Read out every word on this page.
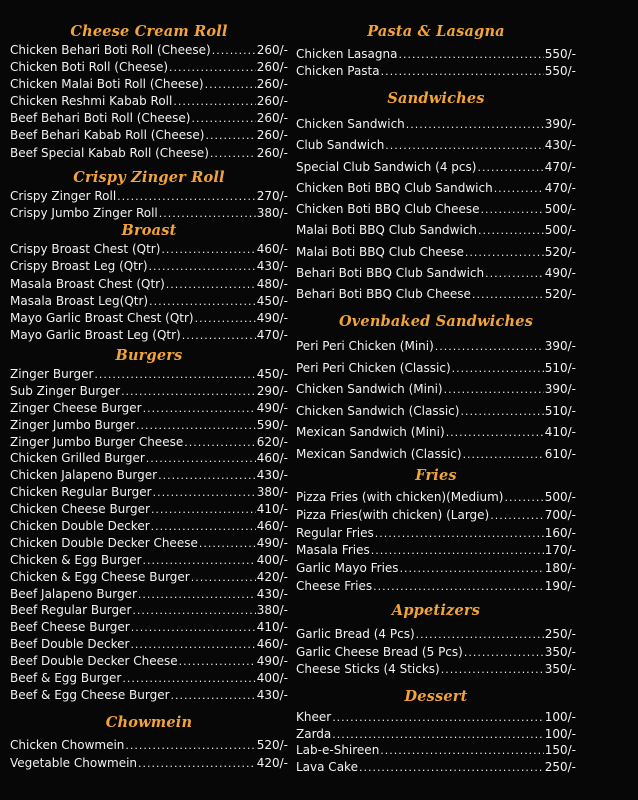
Cheese Cream Roll
Chicken Behari Boti Roll (Cheese) .....	260/-
Chicken Boti Roll (Cheese) .....	260/-
Chicken Malai Boti Roll (Cheese) .....	260/-
Chicken Reshmi Kabab Roll .....	260/-
Beef Behari Boti Roll (Cheese) .....	260/-
Beef Behari Kabab Roll (Cheese) .....	260/-
Beef Special Kabab Roll (Cheese) .....	260/-
Crispy Zinger Roll
Crispy Zinger Roll .....	270/-
Crispy Jumbo Zinger Roll .....	380/-
Broast
Crispy Broast Chest (Qtr) .....	460/-
Crispy Broast Leg (Qtr) .....	430/-
Masala Broast Chest (Qtr) .....	480/-
Masala Broast Leg(Qtr) .....	450/-
Mayo Garlic Broast Chest (Qtr) .....	490/-
Mayo Garlic Broast Leg (Qtr) .....	470/-
Burgers
Zinger Burger .....	450/-
Sub Zinger Burger .....	290/-
Zinger Cheese Burger .....	490/-
Zinger Jumbo Burger .....	590/-
Zinger Jumbo Burger Cheese .....	620/-
Chicken Grilled Burger .....	460/-
Chicken Jalapeno Burger .....	430/-
Chicken Regular Burger .....	380/-
Chicken Cheese Burger .....	410/-
Chicken Double Decker .....	460/-
Chicken Double Decker Cheese .....	490/-
Chicken & Egg Burger .....	400/-
Chicken & Egg Cheese Burger .....	420/-
Beef Jalapeno Burger .....	430/-
Beef Regular Burger .....	380/-
Beef Cheese Burger .....	410/-
Beef Double Decker .....	460/-
Beef Double Decker Cheese .....	490/-
Beef & Egg Burger .....	400/-
Beef & Egg Cheese Burger .....	430/-
Chowmein
Chicken Chowmein .....	520/-
Vegetable Chowmein .....	420/-
Pasta & Lasagna
Chicken Lasagna .....	550/-
Chicken Pasta .....	550/-
Sandwiches
Chicken Sandwich .....	390/-
Club Sandwich .....	430/-
Special Club Sandwich (4 pcs) .....	470/-
Chicken Boti BBQ Club Sandwich .....	470/-
Chicken Boti BBQ Club Cheese .....	500/-
Malai Boti BBQ Club Sandwich .....	500/-
Malai Boti BBQ Club Cheese .....	520/-
Behari Boti BBQ Club Sandwich .....	490/-
Behari Boti BBQ Club Cheese .....	520/-
Ovenbaked Sandwiches
Peri Peri Chicken (Mini) .....	390/-
Peri Peri Chicken (Classic) .....	510/-
Chicken Sandwich (Mini) .....	390/-
Chicken Sandwich (Classic) .....	510/-
Mexican Sandwich (Mini) .....	410/-
Mexican Sandwich (Classic) .....	610/-
Fries
Pizza Fries (with chicken)(Medium) .....	500/-
Pizza Fries(with chicken) (Large) .....	700/-
Regular Fries .....	160/-
Masala Fries .....	170/-
Garlic Mayo Fries .....	180/-
Cheese Fries .....	190/-
Appetizers
Garlic Bread (4 Pcs) .....	250/-
Garlic Cheese Bread (5 Pcs) .....	350/-
Cheese Sticks (4 Sticks) .....	350/-
Dessert
Kheer .....	100/-
Zarda .....	100/-
Lab-e-Shireen .....	150/-
Lava Cake .....	250/-
